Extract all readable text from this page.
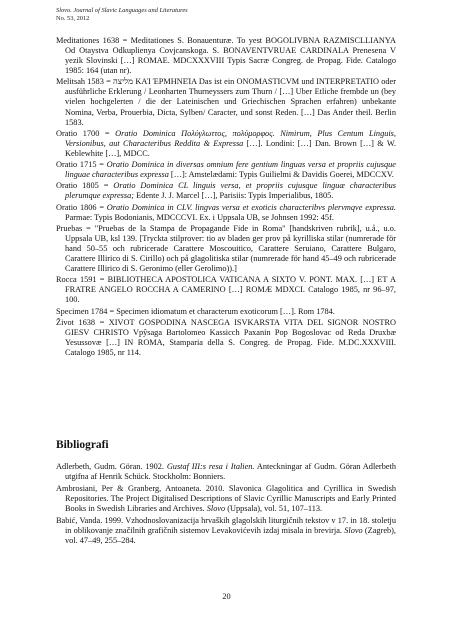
Slovo. Journal of Slavic Languages and Literatures
No. 53, 2012

Meditationes 1638 = Meditationes S. Bonauenturæ. To yest BOGOLIVBNA RAZMISCLLIANYA Od Otaystva Odkuplienya Covjcanskoga. S. BONAVENTVRUAE CARDINALA Prenesena V yezik Slovinski […] ROMAE. MDCXXXVIII Typis Sacræ Congreg. de Propag. Fide. Catalogo 1985: 164 (utan nr).

Melitsah 1583 = מליצה ΚΑΊ ΈΡΜΗΝΕΊΑ Das ist ein ONOMASTICVM und INTERPRETATIO oder ausführliche Erklerung / Leonharten Thurneyssers zum Thurn / […] Uber Etliche frembde un (bey vielen hochgelerten / die der Lateinischen und Griechischen Sprachen erfahren) unbekante Nomina, Verba, Prouerbia, Dicta, Sylben/ Caracter, und sonst Reden. […] Das Ander theil. Berlin 1583.

Oratio 1700 = Oratio Dominica Πολύγλωττος, πολύμορφος. Nimirum, Plus Centum Linguis, Versionibus, aut Characteribus Reddita & Expressa […]. Londini: […] Dan. Brown […] & W. Keblewhite […], MDCC.

Oratio 1715 = Oratio Dominica in diversas omnium fere gentium linguas versa et propriis cujusque linguae characteribus expressa […]: Amstelædami: Typis Guilielmi & Davidis Goerei, MDCCXV.

Oratio 1805 = Oratio Dominica CL linguis versa, et propriis cujusque linguæ characteribus plerumque expressa; Edente J. J. Marcel […], Parisiis: Typis Imperialibus, 1805.

Oratio 1806 = Oratio Dominica in CLV. lingvas versa et exoticis characteribvs plervmqve expressa. Parmae: Typis Bodonianis, MDCCCVI. Ex. i Uppsala UB, se Johnsen 1992: 45f.

Pruebas = "Pruebas de la Stampa de Propagande Fide in Roma" [handskriven rubrik], u.å., u.o. Uppsala UB, ksl 139. [Tryckta stilprover: tio av bladen ger prov på kyrilliska stilar (numrerade för hand 50–55 och rubricerade Carattere Moscouitico, Carattere Seruiano, Carattere Bulgaro, Carattere Illirico di S. Cirillo) och på glagolitiska stilar (numrerade för hand 45–49 och rubricerade Carattere Illirico di S. Geronimo (eller Gerolimo)).]

Rocca 1591 = BIBLIOTHECA APOSTOLICA VATICANA A SIXTO V. PONT. MAX. […] ET A FRATRE ANGELO ROCCHA A CAMERINO […] ROMÆ MDXCI. Catalogo 1985, nr 96–97, 100.

Specimen 1784 = Specimen idiomatum et characterum exoticorum […]. Rom 1784.

Život 1638 = XIVOT GOSPODINA NASCEGA ISVKARSTA VITA DEL SIGNOR NOSTRO GIESV CHRISTO Vpŷsaga Bartolomeo Kassicch Paxanin Pop Bogoslovac od Reda Druxbæ Yesussovæ […] IN ROMA, Stamparia della S. Congreg. de Propag. Fide. M.DC.XXXVIII. Catalogo 1985, nr 114.

Bibliografi

Adlerbeth, Gudm. Göran. 1902. Gustaf III:s resa i Italien. Anteckningar af Gudm. Göran Adlerbeth utgifna af Henrik Schück. Stockholm: Bonniers.

Ambrosiani, Per & Granberg, Antoaneta. 2010. Slavonica Glagolitica and Cyrillica in Swedish Repositories. The Project Digitalised Descriptions of Slavic Cyrillic Manuscripts and Early Printed Books in Swedish Libraries and Archives. Slovo (Uppsala), vol. 51, 107–113.

Babić, Vanda. 1999. Vzhodnoslovanizacija hrvaških glagolskih liturgičnih tekstov v 17. in 18. stoletju in oblikovanje značilnih grafičnih sistemov Levakovićevih izdaj misala in brevirja. Slovo (Zagreb), vol. 47–49, 255–284.

20
